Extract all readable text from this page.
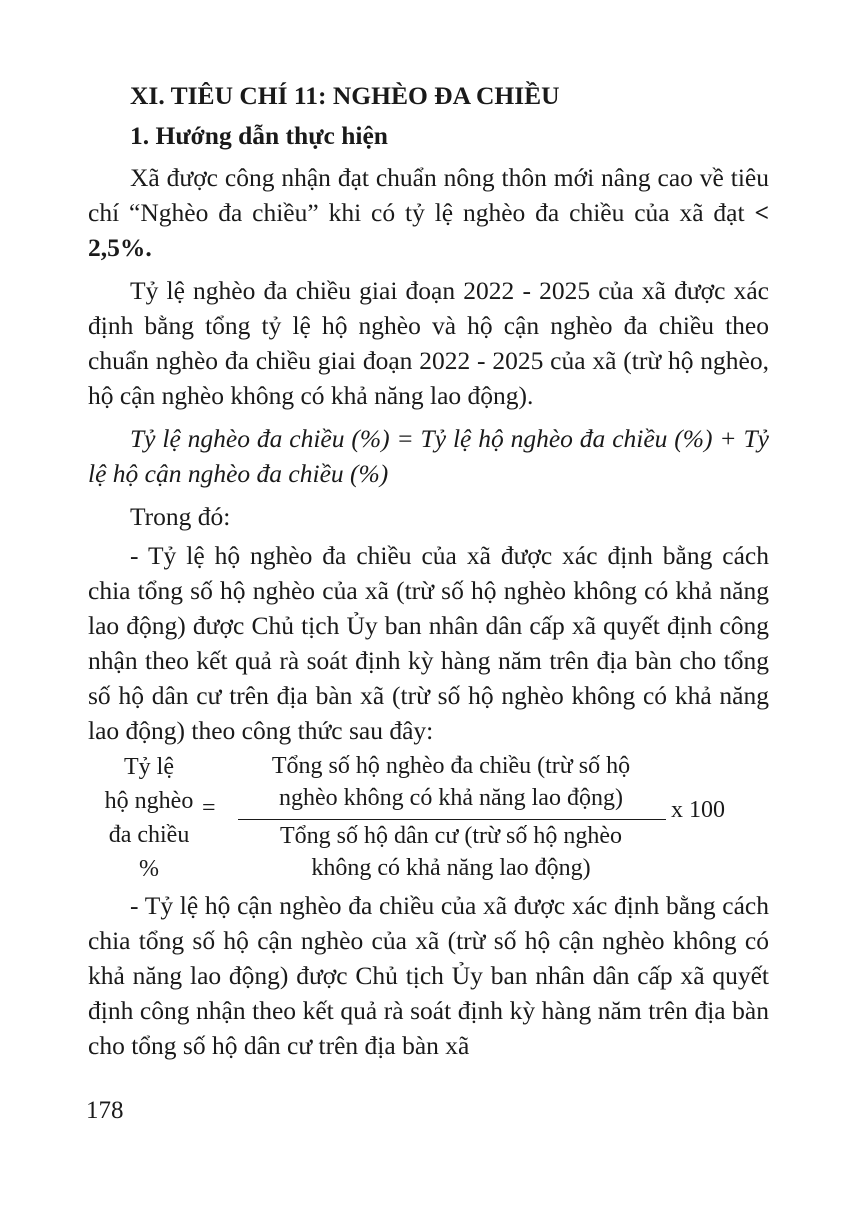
XI. TIÊU CHÍ 11: NGHÈO ĐA CHIỀU

1. Hướng dẫn thực hiện

Xã được công nhận đạt chuẩn nông thôn mới nâng cao về tiêu chí “Nghèo đa chiều” khi có tỷ lệ nghèo đa chiều của xã đạt < 2,5%.

Tỷ lệ nghèo đa chiều giai đoạn 2022 - 2025 của xã được xác định bằng tổng tỷ lệ hộ nghèo và hộ cận nghèo đa chiều theo chuẩn nghèo đa chiều giai đoạn 2022 - 2025 của xã (trừ hộ nghèo, hộ cận nghèo không có khả năng lao động).

Tỷ lệ nghèo đa chiều (%) = Tỷ lệ hộ nghèo đa chiều (%) + Tỷ lệ hộ cận nghèo đa chiều (%)

Trong đó:

- Tỷ lệ hộ nghèo đa chiều của xã được xác định bằng cách chia tổng số hộ nghèo của xã (trừ số hộ nghèo không có khả năng lao động) được Chủ tịch Ủy ban nhân dân cấp xã quyết định công nhận theo kết quả rà soát định kỳ hàng năm trên địa bàn cho tổng số hộ dân cư trên địa bàn xã (trừ số hộ nghèo không có khả năng lao động) theo công thức sau đây:

Tỷ lệ
hộ nghèo
đa chiều
%
=
Tổng số hộ nghèo đa chiều (trừ số hộ
nghèo không có khả năng lao động)
Tổng số hộ dân cư (trừ số hộ nghèo
không có khả năng lao động)
x 100

- Tỷ lệ hộ cận nghèo đa chiều của xã được xác định bằng cách chia tổng số hộ cận nghèo của xã (trừ số hộ cận nghèo không có khả năng lao động) được Chủ tịch Ủy ban nhân dân cấp xã quyết định công nhận theo kết quả rà soát định kỳ hàng năm trên địa bàn cho tổng số hộ dân cư trên địa bàn xã

178
